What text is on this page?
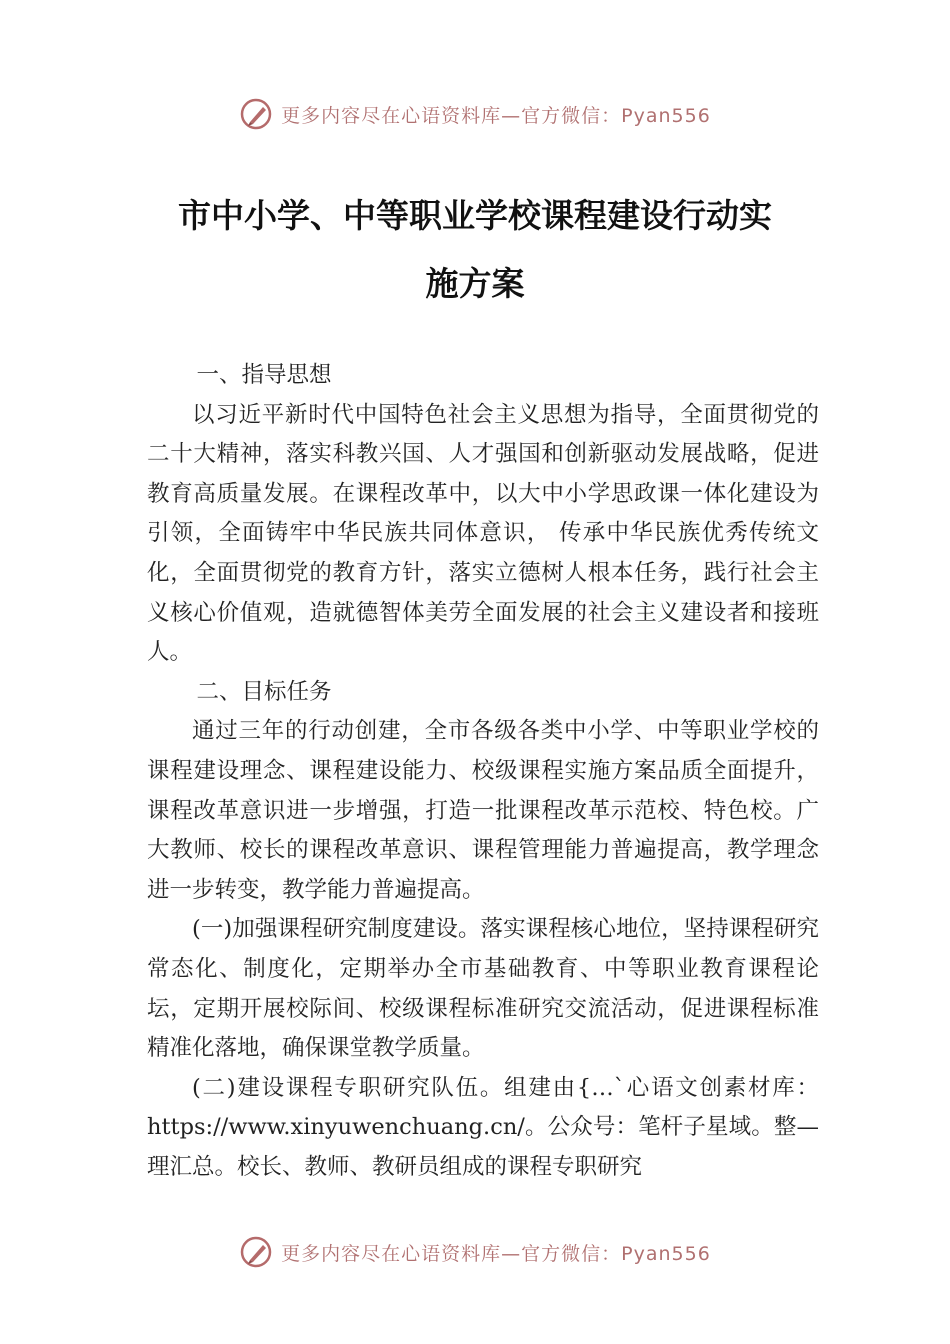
更多内容尽在心语资料库—官方微信：Pyan556
市中小学、中等职业学校课程建设行动实
施方案

一、指导思想

以习近平新时代中国特色社会主义思想为指导，全面贯彻党的二十大精神，落实科教兴国、人才强国和创新驱动发展战略，促进教育高质量发展。在课程改革中，以大中小学思政课一体化建设为引领，全面铸牢中华民族共同体意识， 传承中华民族优秀传统文化，全面贯彻党的教育方针，落实立德树人根本任务，践行社会主义核心价值观，造就德智体美劳全面发展的社会主义建设者和接班人。

二、目标任务

通过三年的行动创建，全市各级各类中小学、中等职业学校的课程建设理念、课程建设能力、校级课程实施方案品质全面提升，课程改革意识进一步增强，打造一批课程改革示范校、特色校。广大教师、校长的课程改革意识、课程管理能力普遍提高，教学理念进一步转变，教学能力普遍提高。

(一)加强课程研究制度建设。落实课程核心地位，坚持课程研究常态化、制度化，定期举办全市基础教育、中等职业教育课程论坛，定期开展校际间、校级课程标准研究交流活动，促进课程标准精准化落地，确保课堂教学质量。

(二)建设课程专职研究队伍。组建由{…`心语文创素材库：https://www.xinyuwenchuang.cn/。公众号：笔杆子星域。整—理汇总。校长、教师、教研员组成的课程专职研究

更多内容尽在心语资料库—官方微信：Pyan556
